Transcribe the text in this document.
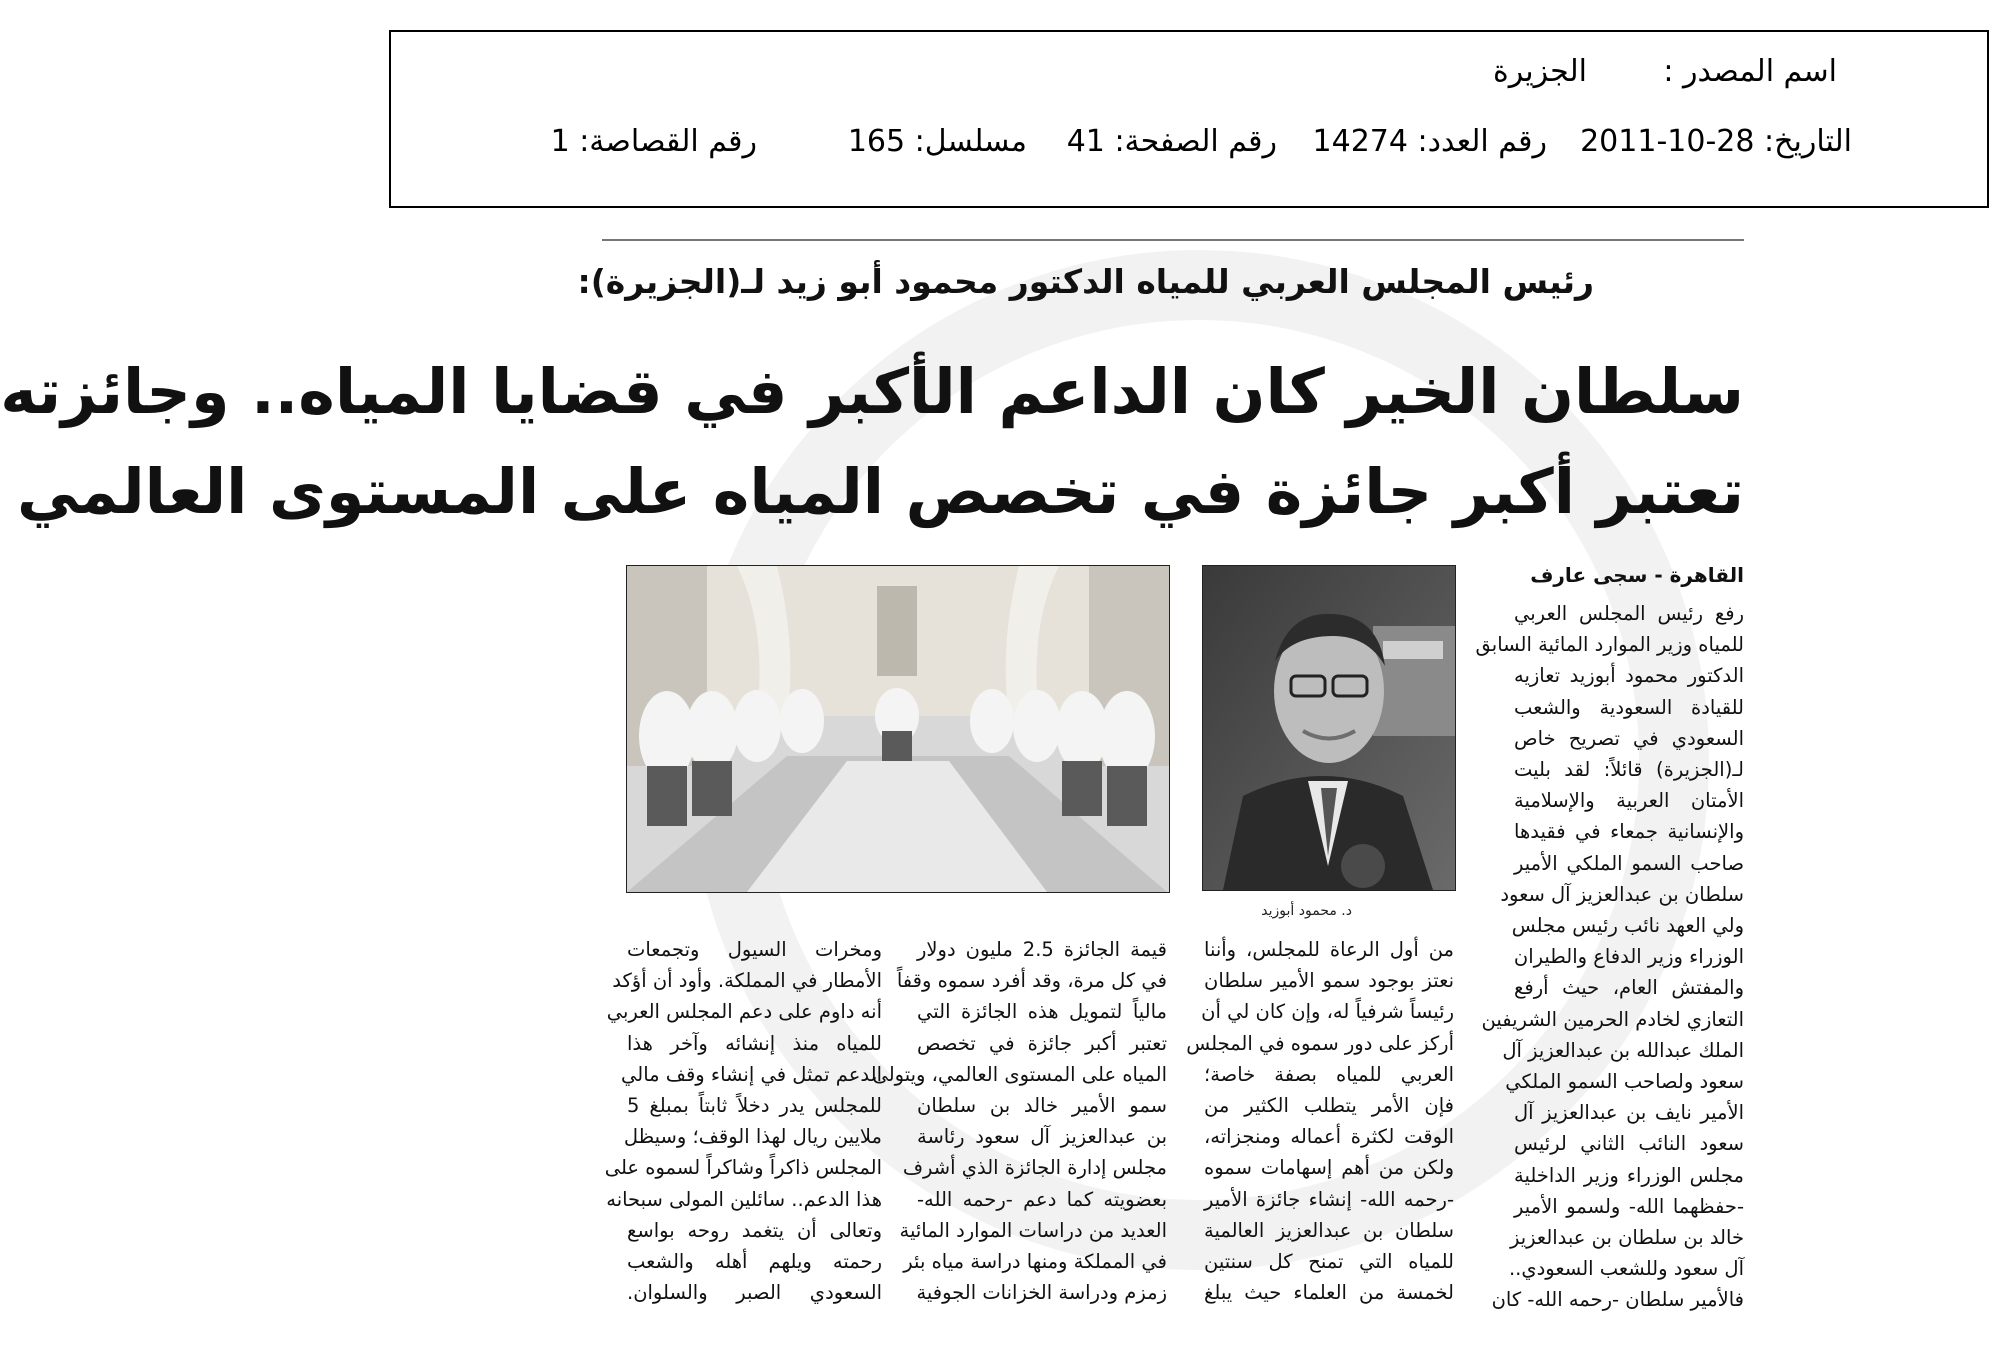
اسم المصدر :
الجزيرة
التاريخ: 28-10-2011
رقم العدد: 14274
رقم الصفحة: 41
مسلسل: 165
رقم القصاصة: 1
رئيس المجلس العربي للمياه الدكتور محمود أبو زيد لـ(الجزيرة):
سلطان الخير كان الداعم الأكبر في قضايا المياه.. وجائزته
تعتبر أكبر جائزة في تخصص المياه على المستوى العالمي
القاهرة - سجى عارف
رفع رئيس المجلس العربي
للمياه وزير الموارد المائية السابق
الدكتور محمود أبوزيد تعازيه
للقيادة السعودية والشعب
السعودي في تصريح خاص
لـ(الجزيرة) قائلاً: لقد بليت
الأمتان العربية والإسلامية
والإنسانية جمعاء في فقيدها
صاحب السمو الملكي الأمير
سلطان بن عبدالعزيز آل سعود
ولي العهد نائب رئيس مجلس
الوزراء وزير الدفاع والطيران
والمفتش العام، حيث أرفع
التعازي لخادم الحرمين الشريفين
الملك عبدالله بن عبدالعزيز آل
سعود ولصاحب السمو الملكي
الأمير نايف بن عبدالعزيز آل
سعود النائب الثاني لرئيس
مجلس الوزراء وزير الداخلية
-حفظهما الله- ولسمو الأمير
خالد بن سلطان بن عبدالعزيز
آل سعود وللشعب السعودي..
فالأمير سلطان -رحمه الله- كان
د. محمود أبوزيد
من أول الرعاة للمجلس، وأننا
نعتز بوجود سمو الأمير سلطان
رئيساً شرفياً له، وإن كان لي أن
أركز على دور سموه في المجلس
العربي للمياه بصفة خاصة؛
فإن الأمر يتطلب الكثير من
الوقت لكثرة أعماله ومنجزاته،
ولكن من أهم إسهامات سموه
-رحمه الله- إنشاء جائزة الأمير
سلطان بن عبدالعزيز العالمية
للمياه التي تمنح كل سنتين
لخمسة من العلماء حيث يبلغ
قيمة الجائزة 2.5 مليون دولار
في كل مرة، وقد أفرد سموه وقفاً
مالياً لتمويل هذه الجائزة التي
تعتبر أكبر جائزة في تخصص
المياه على المستوى العالمي، ويتولى
سمو الأمير خالد بن سلطان
بن عبدالعزيز آل سعود رئاسة
مجلس إدارة الجائزة الذي أشرف
بعضويته كما دعم -رحمه الله-
العديد من دراسات الموارد المائية
في المملكة ومنها دراسة مياه بئر
زمزم ودراسة الخزانات الجوفية
ومخرات السيول وتجمعات
الأمطار في المملكة. وأود أن أؤكد
أنه داوم على دعم المجلس العربي
للمياه منذ إنشائه وآخر هذا
الدعم تمثل في إنشاء وقف مالي
للمجلس يدر دخلاً ثابتاً بمبلغ 5
ملايين ريال لهذا الوقف؛ وسيظل
المجلس ذاكراً وشاكراً لسموه على
هذا الدعم.. سائلين المولى سبحانه
وتعالى أن يتغمد روحه بواسع
رحمته ويلهم أهله والشعب
السعودي الصبر والسلوان.
